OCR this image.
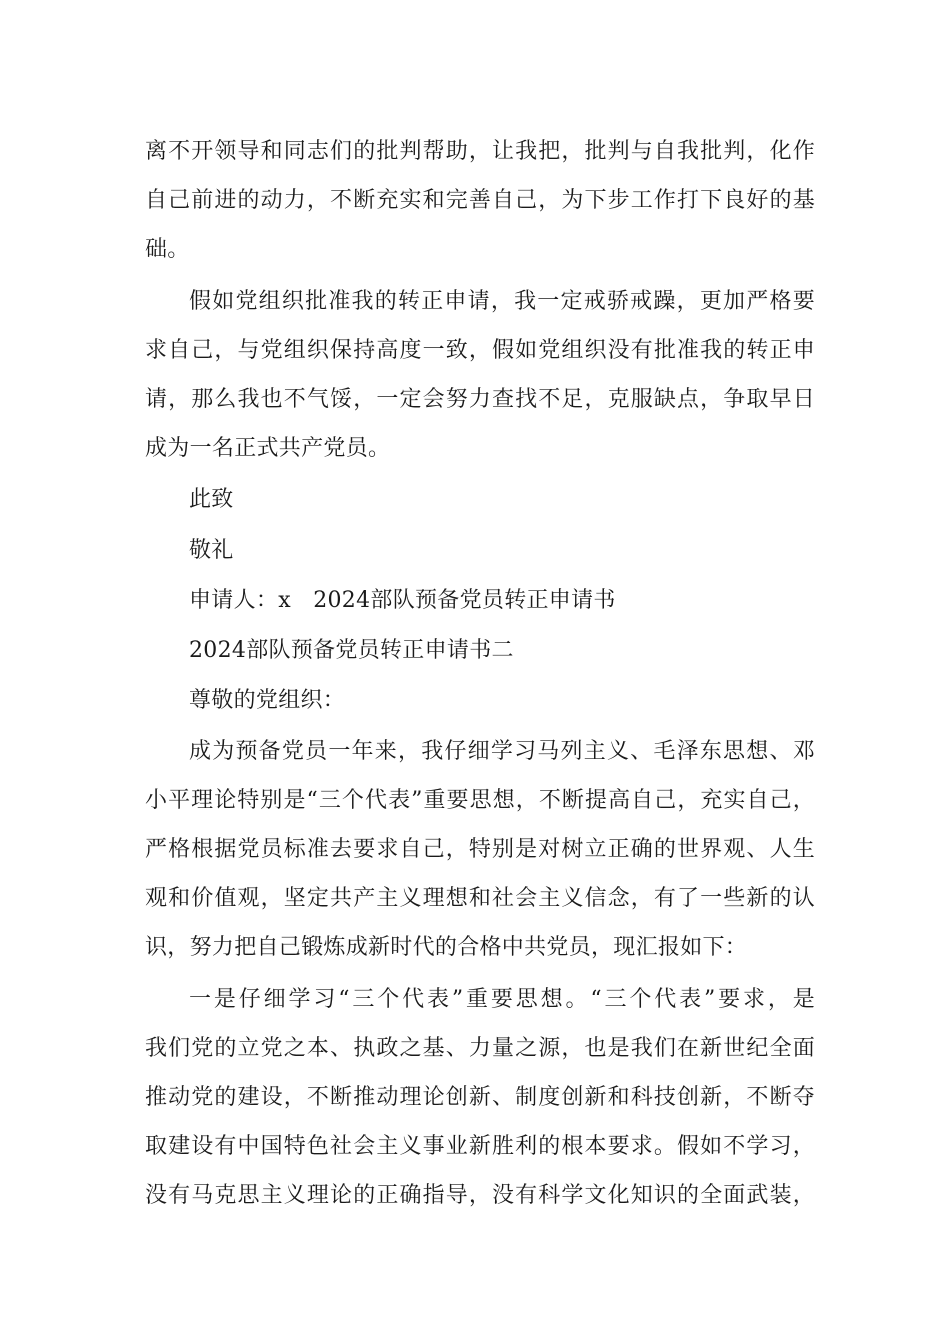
离不开领导和同志们的批判帮助，让我把，批判与自我批判，化作
自己前进的动力，不断充实和完善自己，为下步工作打下良好的基
础。
假如党组织批准我的转正申请，我一定戒骄戒躁，更加严格要
求自己，与党组织保持高度一致，假如党组织没有批准我的转正申
请，那么我也不气馁，一定会努力查找不足，克服缺点，争取早日
成为一名正式共产党员。
此致
敬礼
申请人：x　2024部队预备党员转正申请书
2024部队预备党员转正申请书二
尊敬的党组织：
成为预备党员一年来，我仔细学习马列主义、毛泽东思想、邓
小平理论特别是“三个代表”重要思想，不断提高自己，充实自己，
严格根据党员标准去要求自己，特别是对树立正确的世界观、人生
观和价值观，坚定共产主义理想和社会主义信念，有了一些新的认
识，努力把自己锻炼成新时代的合格中共党员，现汇报如下：
一是仔细学习“三个代表”重要思想。“三个代表”要求，是
我们党的立党之本、执政之基、力量之源，也是我们在新世纪全面
推动党的建设，不断推动理论创新、制度创新和科技创新，不断夺
取建设有中国特色社会主义事业新胜利的根本要求。假如不学习，
没有马克思主义理论的正确指导，没有科学文化知识的全面武装，
